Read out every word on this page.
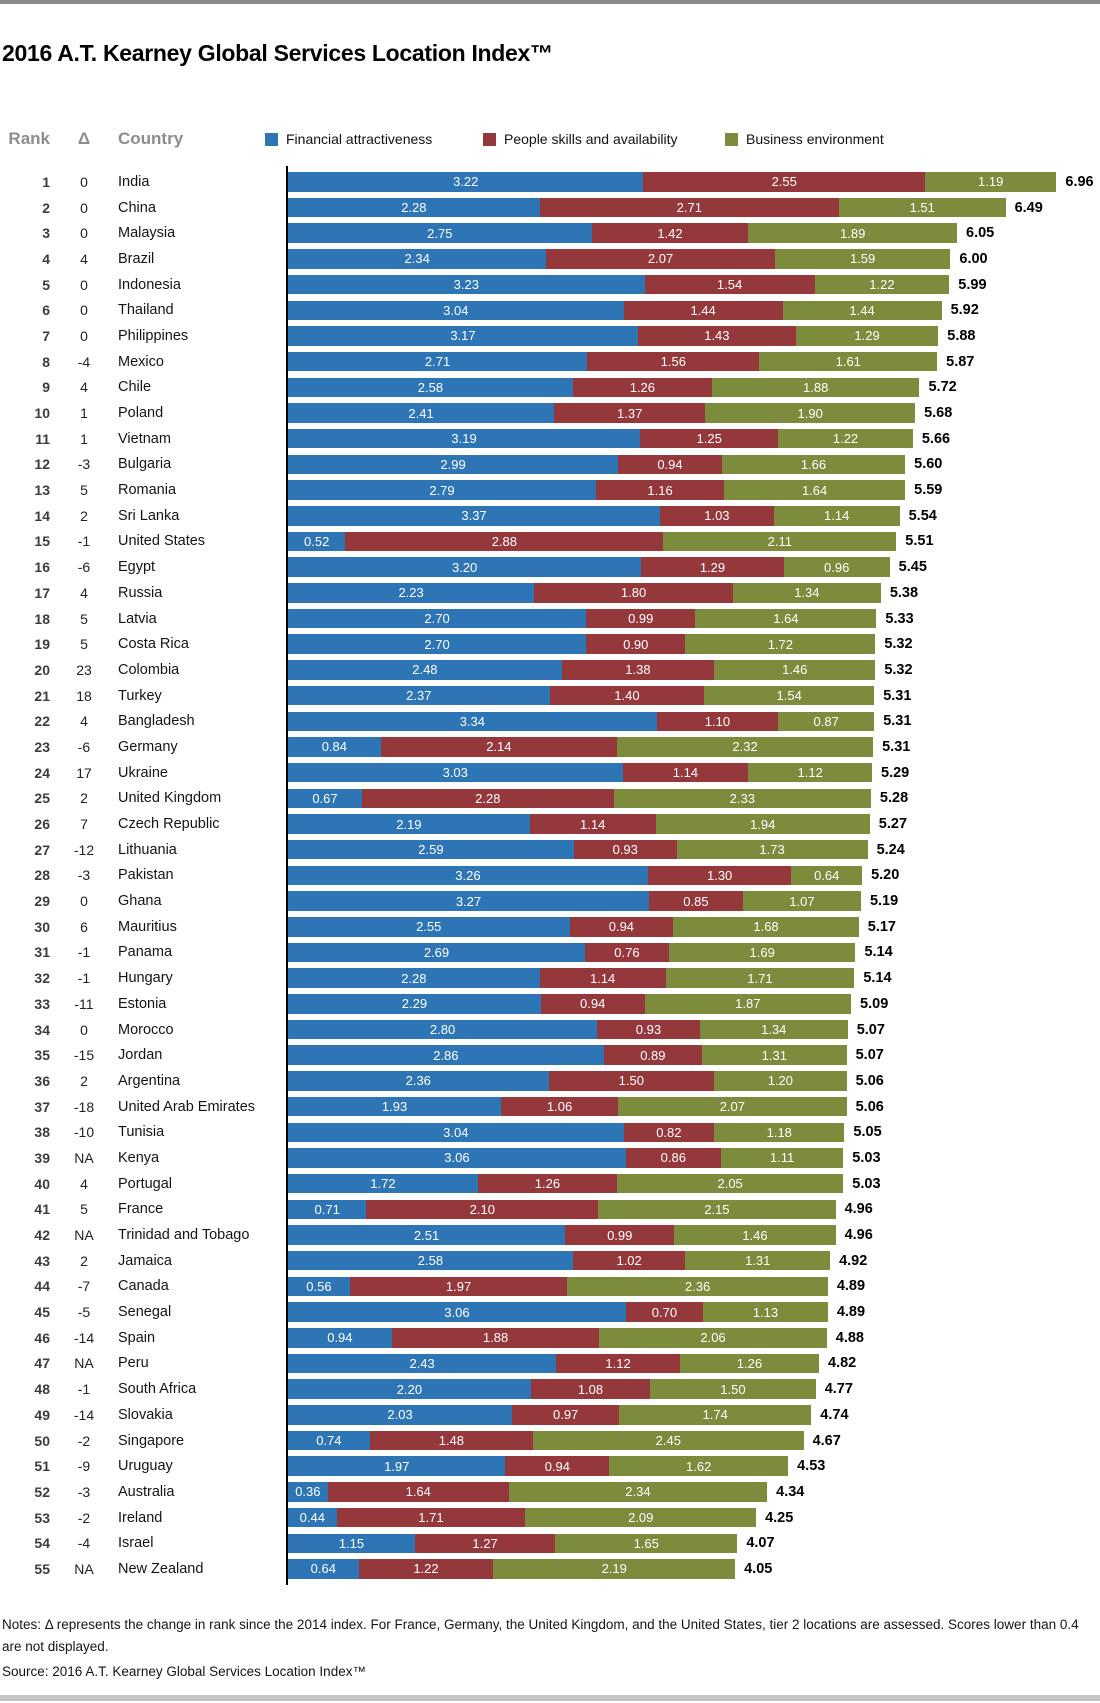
2016 A.T. Kearney Global Services Location Index™
Rank	Δ	Country	Financial attractiveness	People skills and availability	Business environment
1	0	India	3.22	2.55	1.19	6.96
2	0	China	2.28	2.71	1.51	6.49
3	0	Malaysia	2.75	1.42	1.89	6.05
4	4	Brazil	2.34	2.07	1.59	6.00
5	0	Indonesia	3.23	1.54	1.22	5.99
6	0	Thailand	3.04	1.44	1.44	5.92
7	0	Philippines	3.17	1.43	1.29	5.88
8	-4	Mexico	2.71	1.56	1.61	5.87
9	4	Chile	2.58	1.26	1.88	5.72
10	1	Poland	2.41	1.37	1.90	5.68
11	1	Vietnam	3.19	1.25	1.22	5.66
12	-3	Bulgaria	2.99	0.94	1.66	5.60
13	5	Romania	2.79	1.16	1.64	5.59
14	2	Sri Lanka	3.37	1.03	1.14	5.54
15	-1	United States	0.52	2.88	2.11	5.51
16	-6	Egypt	3.20	1.29	0.96	5.45
17	4	Russia	2.23	1.80	1.34	5.38
18	5	Latvia	2.70	0.99	1.64	5.33
19	5	Costa Rica	2.70	0.90	1.72	5.32
20	23	Colombia	2.48	1.38	1.46	5.32
21	18	Turkey	2.37	1.40	1.54	5.31
22	4	Bangladesh	3.34	1.10	0.87	5.31
23	-6	Germany	0.84	2.14	2.32	5.31
24	17	Ukraine	3.03	1.14	1.12	5.29
25	2	United Kingdom	0.67	2.28	2.33	5.28
26	7	Czech Republic	2.19	1.14	1.94	5.27
27	-12	Lithuania	2.59	0.93	1.73	5.24
28	-3	Pakistan	3.26	1.30	0.64	5.20
29	0	Ghana	3.27	0.85	1.07	5.19
30	6	Mauritius	2.55	0.94	1.68	5.17
31	-1	Panama	2.69	0.76	1.69	5.14
32	-1	Hungary	2.28	1.14	1.71	5.14
33	-11	Estonia	2.29	0.94	1.87	5.09
34	0	Morocco	2.80	0.93	1.34	5.07
35	-15	Jordan	2.86	0.89	1.31	5.07
36	2	Argentina	2.36	1.50	1.20	5.06
37	-18	United Arab Emirates	1.93	1.06	2.07	5.06
38	-10	Tunisia	3.04	0.82	1.18	5.05
39	NA	Kenya	3.06	0.86	1.11	5.03
40	4	Portugal	1.72	1.26	2.05	5.03
41	5	France	0.71	2.10	2.15	4.96
42	NA	Trinidad and Tobago	2.51	0.99	1.46	4.96
43	2	Jamaica	2.58	1.02	1.31	4.92
44	-7	Canada	0.56	1.97	2.36	4.89
45	-5	Senegal	3.06	0.70	1.13	4.89
46	-14	Spain	0.94	1.88	2.06	4.88
47	NA	Peru	2.43	1.12	1.26	4.82
48	-1	South Africa	2.20	1.08	1.50	4.77
49	-14	Slovakia	2.03	0.97	1.74	4.74
50	-2	Singapore	0.74	1.48	2.45	4.67
51	-9	Uruguay	1.97	0.94	1.62	4.53
52	-3	Australia	0.36	1.64	2.34	4.34
53	-2	Ireland	0.44	1.71	2.09	4.25
54	-4	Israel	1.15	1.27	1.65	4.07
55	NA	New Zealand	0.64	1.22	2.19	4.05
Notes: Δ represents the change in rank since the 2014 index. For France, Germany, the United Kingdom, and the United States, tier 2 locations are assessed. Scores lower than 0.4 are not displayed.
Source: 2016 A.T. Kearney Global Services Location Index™
